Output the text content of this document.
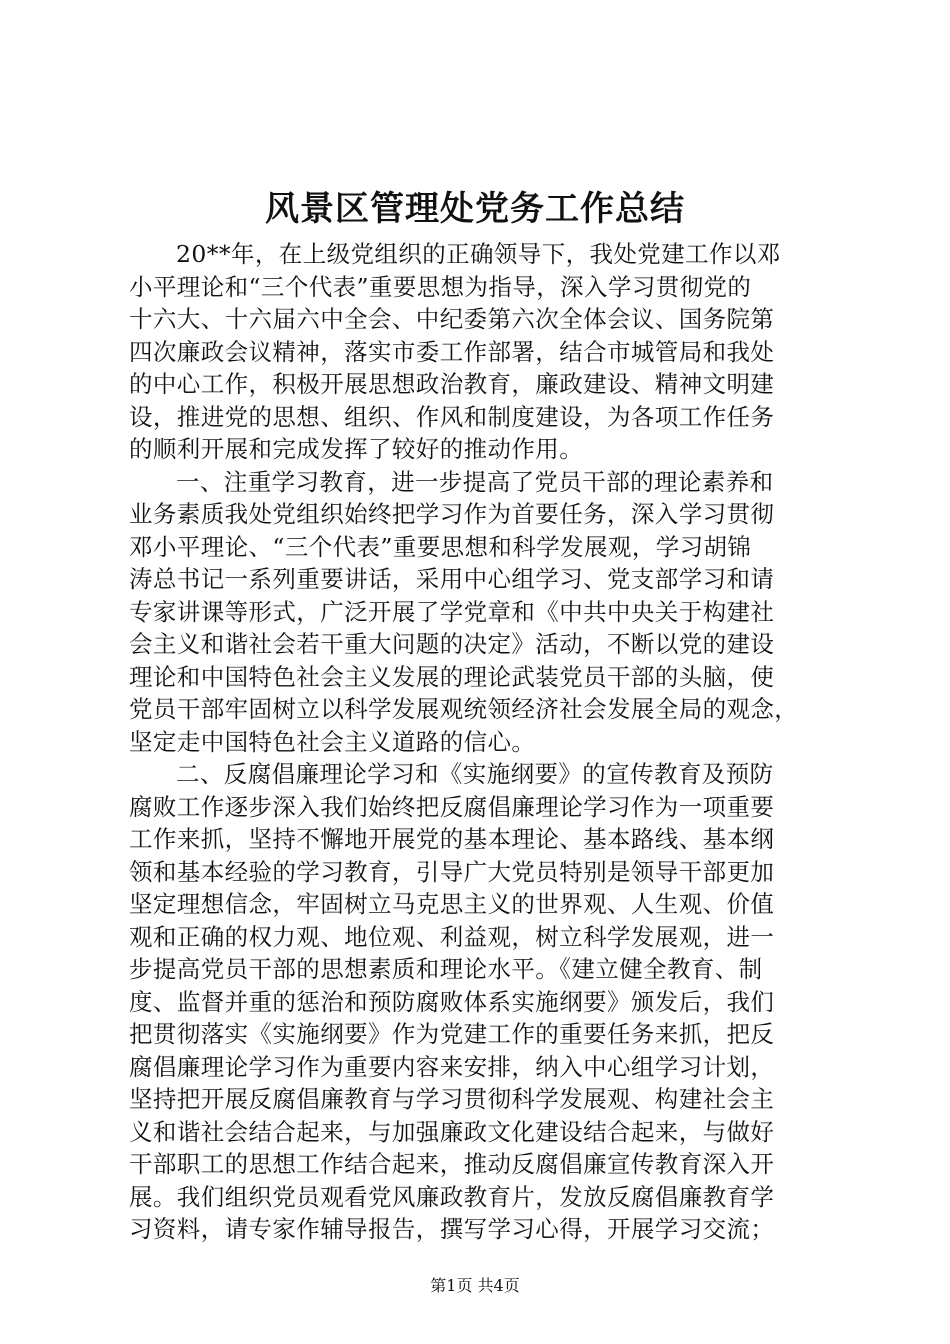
风景区管理处党务工作总结
20**年，在上级党组织的正确领导下，我处党建工作以邓
小平理论和“三个代表”重要思想为指导，深入学习贯彻党的
十六大、十六届六中全会、中纪委第六次全体会议、国务院第
四次廉政会议精神，落实市委工作部署，结合市城管局和我处
的中心工作，积极开展思想政治教育，廉政建设、精神文明建
设，推进党的思想、组织、作风和制度建设，为各项工作任务
的顺利开展和完成发挥了较好的推动作用。
一、注重学习教育，进一步提高了党员干部的理论素养和
业务素质我处党组织始终把学习作为首要任务，深入学习贯彻
邓小平理论、“三个代表”重要思想和科学发展观，学习胡锦
涛总书记一系列重要讲话，采用中心组学习、党支部学习和请
专家讲课等形式，广泛开展了学党章和《中共中央关于构建社
会主义和谐社会若干重大问题的决定》活动，不断以党的建设
理论和中国特色社会主义发展的理论武装党员干部的头脑，使
党员干部牢固树立以科学发展观统领经济社会发展全局的观念，
坚定走中国特色社会主义道路的信心。
二、反腐倡廉理论学习和《实施纲要》的宣传教育及预防
腐败工作逐步深入我们始终把反腐倡廉理论学习作为一项重要
工作来抓，坚持不懈地开展党的基本理论、基本路线、基本纲
领和基本经验的学习教育，引导广大党员特别是领导干部更加
坚定理想信念，牢固树立马克思主义的世界观、人生观、价值
观和正确的权力观、地位观、利益观，树立科学发展观，进一
步提高党员干部的思想素质和理论水平。《建立健全教育、制
度、监督并重的惩治和预防腐败体系实施纲要》颁发后，我们
把贯彻落实《实施纲要》作为党建工作的重要任务来抓，把反
腐倡廉理论学习作为重要内容来安排，纳入中心组学习计划，
坚持把开展反腐倡廉教育与学习贯彻科学发展观、构建社会主
义和谐社会结合起来，与加强廉政文化建设结合起来，与做好
干部职工的思想工作结合起来，推动反腐倡廉宣传教育深入开
展。我们组织党员观看党风廉政教育片，发放反腐倡廉教育学
习资料，请专家作辅导报告，撰写学习心得，开展学习交流；
第1页 共4页
